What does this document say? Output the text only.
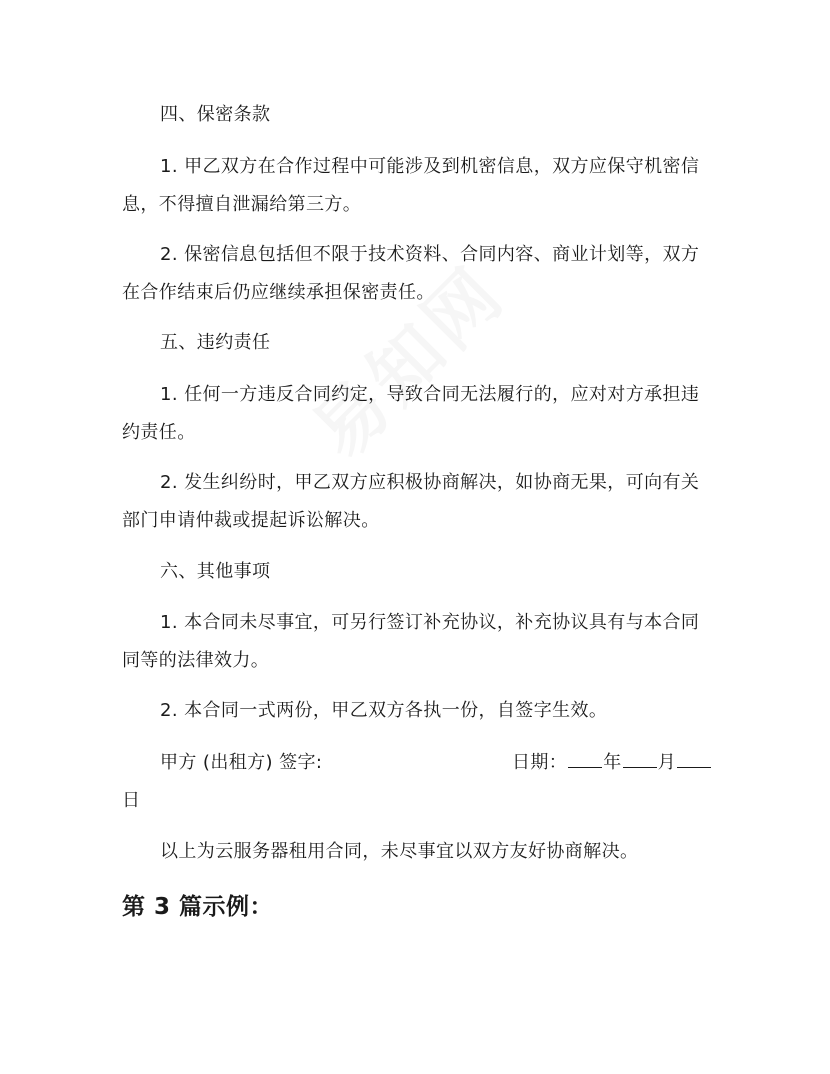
四、保密条款

1. 甲乙双方在合作过程中可能涉及到机密信息，双方应保守机密信息，不得擅自泄漏给第三方。

2. 保密信息包括但不限于技术资料、合同内容、商业计划等，双方在合作结束后仍应继续承担保密责任。

五、违约责任

1. 任何一方违反合同约定，导致合同无法履行的，应对对方承担违约责任。

2. 发生纠纷时，甲乙双方应积极协商解决，如协商无果，可向有关部门申请仲裁或提起诉讼解决。

六、其他事项

1. 本合同未尽事宜，可另行签订补充协议，补充协议具有与本合同同等的法律效力。

2. 本合同一式两份，甲乙双方各执一份，自签字生效。

甲方 (出租方) 签字:	日期： 年 月
日

以上为云服务器租用合同，未尽事宜以双方友好协商解决。

第 3 篇示例：
